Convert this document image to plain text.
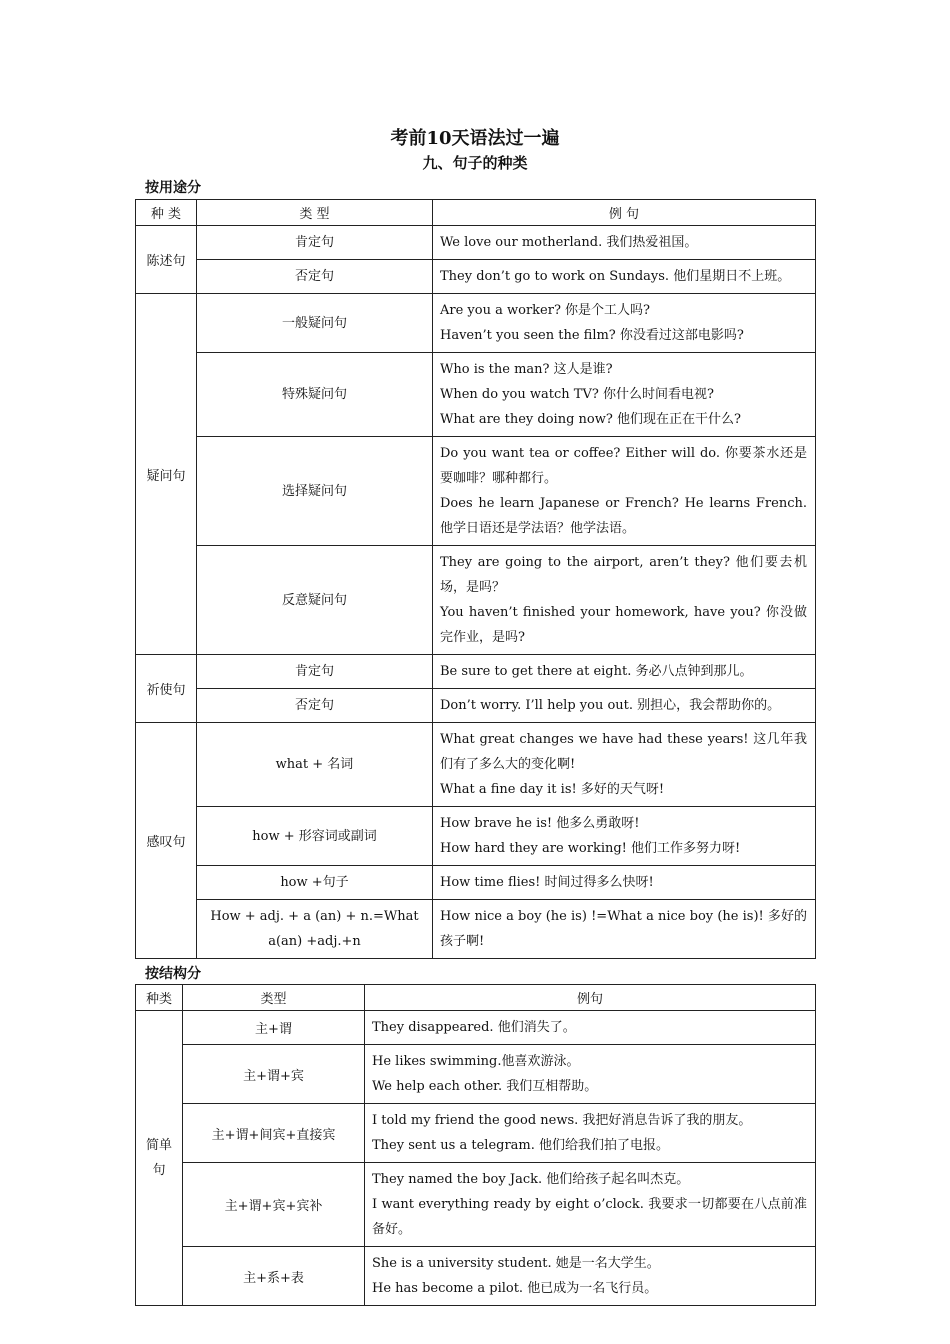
考前10天语法过一遍
九、句子的种类
按用途分
种 类	类 型	例 句
陈述句	肯定句	We love our motherland. 我们热爱祖国。

	否定句	They don’t go to work on Sundays. 他们星期日不上班。

疑问句	一般疑问句	Are you a worker? 你是个工人吗?
Haven’t you seen the film? 你没看过这部电影吗?

	特殊疑问句	Who is the man? 这人是谁?
When do you watch TV? 你什么时间看电视?
What are they doing now? 他们现在正在干什么?

	选择疑问句	Do you want tea or coffee? Either will do. 你要茶水还是要咖啡？哪种都行。
Does he learn Japanese or French? He learns French. 他学日语还是学法语？他学法语。

	反意疑问句	They are going to the airport, aren’t they? 他们要去机场，是吗？
You haven’t finished your homework, have you? 你没做完作业，是吗?

祈使句	肯定句	Be sure to get there at eight. 务必八点钟到那儿。

	否定句	Don’t worry. I’ll help you out. 别担心，我会帮助你的。

感叹句	what + 名词	What great changes we have had these years! 这几年我们有了多么大的变化啊!
What a fine day it is! 多好的天气呀!

	how + 形容词或副词	How brave he is! 他多么勇敢呀!
How hard they are working! 他们工作多努力呀!

	how +句子	How time flies! 时间过得多么快呀!

	How + adj. + a (an) + n.=What a(an) +adj.+n	How nice a boy (he is) !=What a nice boy (he is)! 多好的孩子啊!
按结构分
种类	类型	例句
简单句	主+谓	They disappeared. 他们消失了。

	主+谓+宾	He likes swimming.他喜欢游泳。
We help each other. 我们互相帮助。

	主+谓+间宾+直接宾	I told my friend the good news. 我把好消息告诉了我的朋友。
They sent us a telegram. 他们给我们拍了电报。

	主+谓+宾+宾补	They named the boy Jack. 他们给孩子起名叫杰克。
I want everything ready by eight o’clock. 我要求一切都要在八点前准备好。

	主+系+表	She is a university student. 她是一名大学生。
He has become a pilot. 他已成为一名飞行员。
